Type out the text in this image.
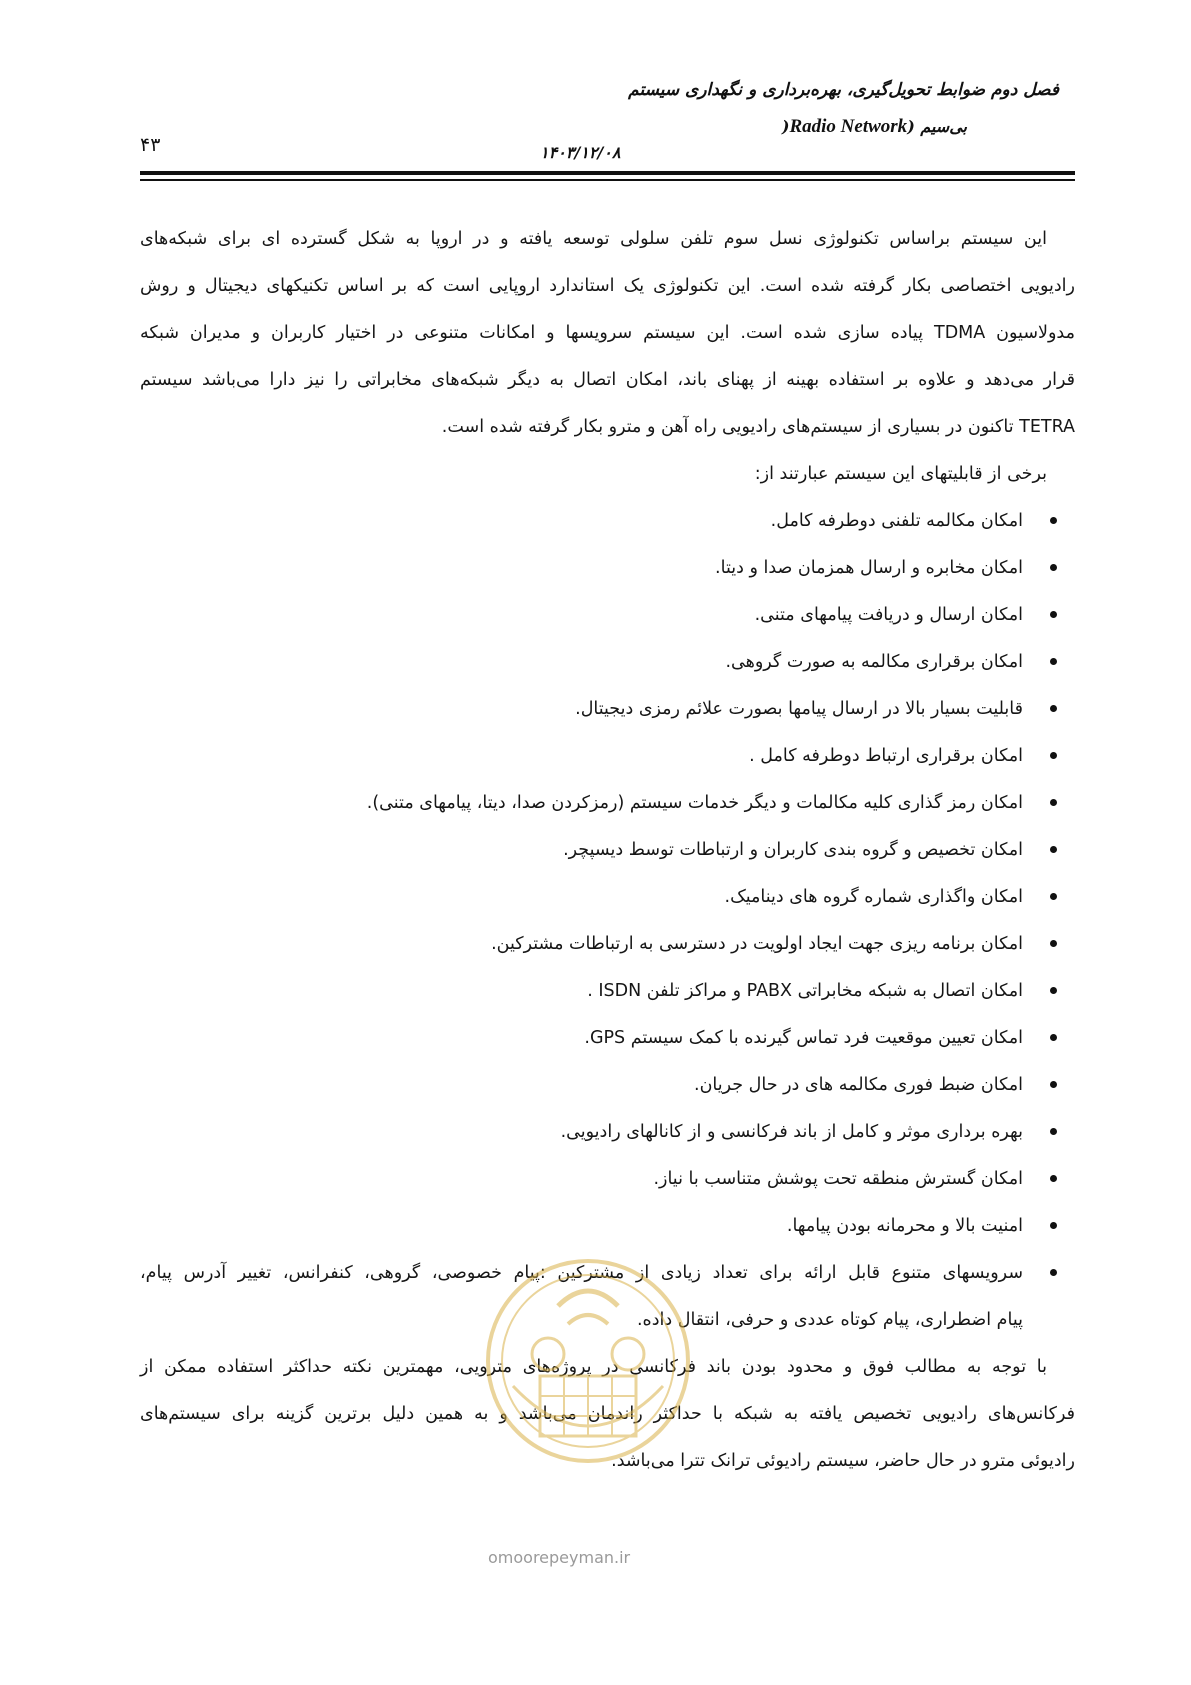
فصل دوم ضوابط تحویل‌گیری، بهره‌برداری و نگهداری سیستم
بی‌سیم (Radio Network(
۱۴۰۳/۱۲/۰۸
۴۳
این سیستم براساس تکنولوژی نسل سوم تلفن سلولی توسعه یافته و در اروپا به شکل گسترده ای برای شبکه‌های
رادیویی اختصاصی بکار گرفته شده است. این تکنولوژی یک استاندارد اروپایی است که بر اساس تکنیکهای دیجیتال و روش
مدولاسیون TDMA پیاده سازی شده است. این سیستم سرویسها و امکانات متنوعی در اختیار کاربران و مدیران شبکه
قرار می‌دهد و علاوه بر استفاده بهینه از پهنای باند، امکان اتصال به دیگر شبکه‌های مخابراتی را نیز دارا می‌باشد سیستم
TETRA تاکنون در بسیاری از سیستم‌های رادیویی راه آهن و مترو بکار گرفته شده است.
برخی از قابلیتهای این سیستم عبارتند از:
امکان مکالمه تلفنی دوطرفه کامل.
امکان مخابره و ارسال همزمان صدا و دیتا.
امکان ارسال و دریافت پیامهای متنی.
امکان برقراری مکالمه به صورت گروهی.
قابلیت بسیار بالا در ارسال پیامها بصورت علائم رمزی دیجیتال.
امکان برقراری ارتباط دوطرفه کامل .
امکان رمز گذاری کلیه مکالمات و دیگر خدمات سیستم (رمزکردن صدا، دیتا، پیامهای متنی).
امکان تخصیص و گروه بندی کاربران و ارتباطات توسط دیسپچر.
امکان واگذاری شماره گروه های دینامیک.
امکان برنامه ریزی جهت ایجاد اولویت در دسترسی به ارتباطات مشترکین.
امکان اتصال به شبکه مخابراتی PABX و مراکز تلفن ISDN .
امکان تعیین موقعیت فرد تماس گیرنده با کمک سیستم GPS.
امکان ضبط فوری مکالمه های در حال جریان.
بهره برداری موثر و کامل از باند فرکانسی و از کانالهای رادیویی.
امکان گسترش منطقه تحت پوشش متناسب با نیاز.
امنیت بالا و محرمانه بودن پیامها.
سرویسهای متنوع قابل ارائه برای تعداد زیادی از مشترکین :پیام خصوصی، گروهی، کنفرانس، تغییر آدرس پیام،
پیام اضطراری، پیام کوتاه عددی و حرفی، انتقال داده.
با توجه به مطالب فوق و محدود بودن باند فرکانسی در پروژه‌های مترویی، مهمترین نکته حداکثر استفاده ممکن از
فرکانس‌های رادیویی تخصیص یافته به شبکه با حداکثر راندمان می‌باشد و به همین دلیل برترین گزینه برای سیستم‌های
رادیوئی مترو در حال حاضر، سیستم رادیوئی ترانک تترا می‌باشد.
omoorepeyman.ir
